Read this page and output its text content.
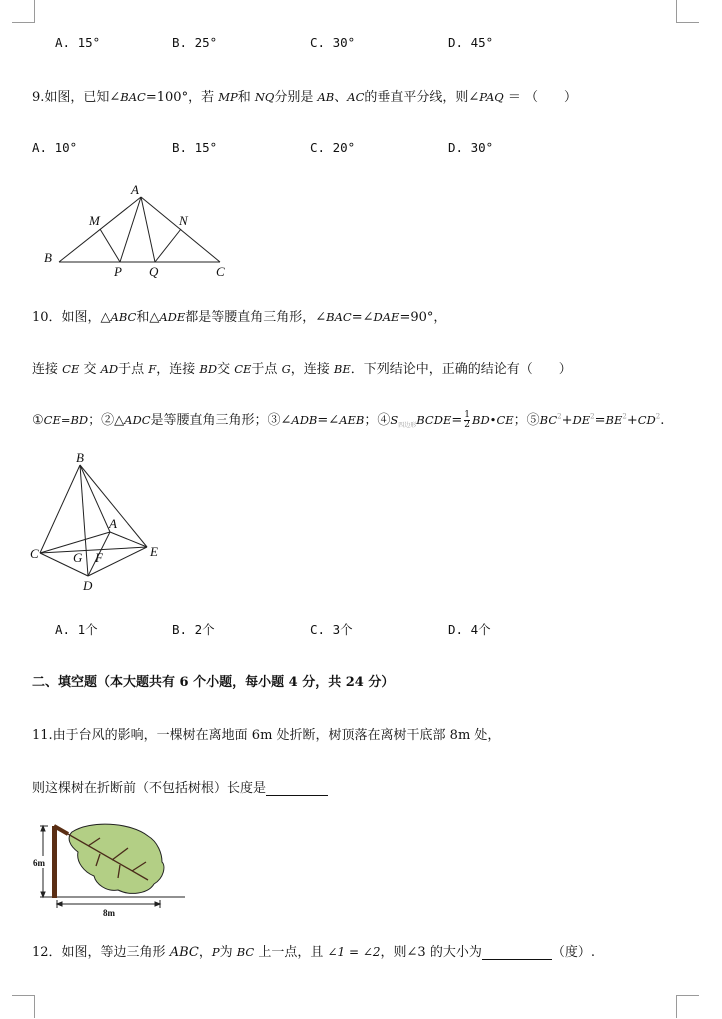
A. 15°	B. 25°	C. 30°	D. 45°
9.如图，已知∠BAC=100°，若 MP和 NQ分别是 AB、AC的垂直平分线，则∠PAQ ＝ （　　）
A. 10°	B. 15°	C. 20°	D. 30°
A
M	N
B
P Q	C
10．如图，△ABC和△ADE都是等腰直角三角形，∠BAC=∠DAE=90°，
连接 CE 交 AD于点 F，连接 BD交 CE于点 G，连接 BE．下列结论中，正确的结论有（　　）
①CE=BD；②△ADC是等腰直角三角形；③∠ADB=∠AEB；$④S_{四边形}BCDE= \frac{1}{2}$ BD•CE；$⑤BC^2+DE^2=BE^2+CD^2$.
B
A
C	G F	E
D
A. 1个	B. 2个	C. 3个	D. 4个
二、填空题（本大题共有 6 个小题，每小题 4 分，共 24 分）
11.由于台风的影响，一棵树在离地面 6m 处折断，树顶落在离树干底部 8m 处，
则这棵树在折断前（不包括树根）长度是
6m
8m
12．如图，等边三角形 ABC，P为 BC 上一点，且 ∠1 = ∠2，则∠3 的大小为	（度）.
